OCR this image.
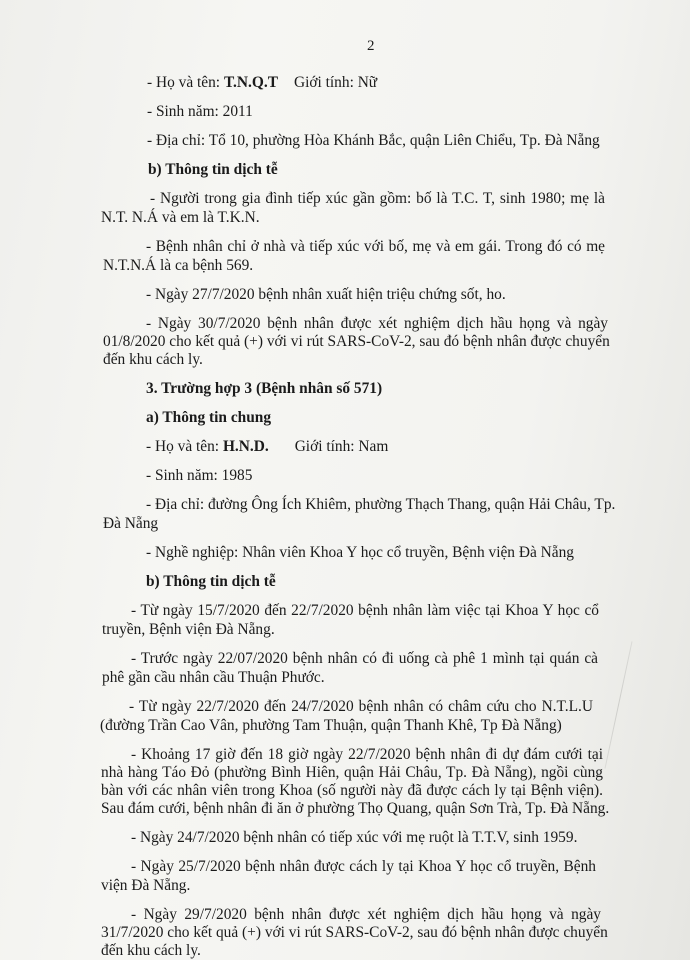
2
- Họ và tên: T.N.Q.T Giới tính: Nữ
- Sinh năm: 2011
- Địa chỉ: Tổ 10, phường Hòa Khánh Bắc, quận Liên Chiểu, Tp. Đà Nẵng
b) Thông tin dịch tễ
- Người trong gia đình tiếp xúc gần gồm: bố là T.C. T, sinh 1980; mẹ là
N.T. N.Á và em là T.K.N.
- Bệnh nhân chỉ ở nhà và tiếp xúc với bố, mẹ và em gái. Trong đó có mẹ
N.T.N.Á là ca bệnh 569.
- Ngày 27/7/2020 bệnh nhân xuất hiện triệu chứng sốt, ho.
- Ngày 30/7/2020 bệnh nhân được xét nghiệm dịch hầu họng và ngày
01/8/2020 cho kết quả (+) với vi rút SARS-CoV-2, sau đó bệnh nhân được chuyển
đến khu cách ly.
3. Trường hợp 3 (Bệnh nhân số 571)
a) Thông tin chung
- Họ và tên: H.N.D. Giới tính: Nam
- Sinh năm: 1985
- Địa chỉ: đường Ông Ích Khiêm, phường Thạch Thang, quận Hải Châu, Tp.
Đà Nẵng
- Nghề nghiệp: Nhân viên Khoa Y học cổ truyền, Bệnh viện Đà Nẵng
b) Thông tin dịch tễ
- Từ ngày 15/7/2020 đến 22/7/2020 bệnh nhân làm việc tại Khoa Y học cổ
truyền, Bệnh viện Đà Nẵng.
- Trước ngày 22/07/2020 bệnh nhân có đi uống cà phê 1 mình tại quán cà
phê gần cầu nhân cầu Thuận Phước.
- Từ ngày 22/7/2020 đến 24/7/2020 bệnh nhân có châm cứu cho N.T.L.U
(đường Trần Cao Vân, phường Tam Thuận, quận Thanh Khê, Tp Đà Nẵng)
- Khoảng 17 giờ đến 18 giờ ngày 22/7/2020 bệnh nhân đi dự đám cưới tại
nhà hàng Táo Đỏ (phường Bình Hiên, quận Hải Châu, Tp. Đà Nẵng), ngồi cùng
bàn với các nhân viên trong Khoa (số người này đã được cách ly tại Bệnh viện).
Sau đám cưới, bệnh nhân đi ăn ở phường Thọ Quang, quận Sơn Trà, Tp. Đà Nẵng.
- Ngày 24/7/2020 bệnh nhân có tiếp xúc với mẹ ruột là T.T.V, sinh 1959.
- Ngày 25/7/2020 bệnh nhân được cách ly tại Khoa Y học cổ truyền, Bệnh
viện Đà Nẵng.
- Ngày 29/7/2020 bệnh nhân được xét nghiệm dịch hầu họng và ngày
31/7/2020 cho kết quả (+) với vi rút SARS-CoV-2, sau đó bệnh nhân được chuyển
đến khu cách ly.
